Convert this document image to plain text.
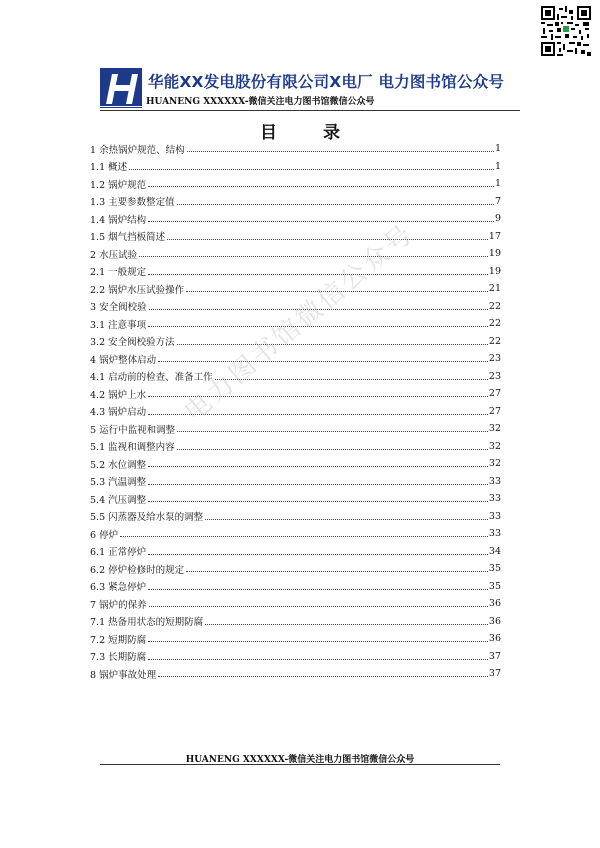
华能XX发电股份有限公司X电厂 电力图书馆公众号
HUANENG XXXXXX-微信关注电力图书馆微信公众号
目 录
1 余热锅炉规范、结构	1
1.1 概述	1
1.2 锅炉规范	1
1.3 主要参数整定值	7
1.4 锅炉结构	9
1.5 烟气挡板简述	17
2 水压试验	19
2.1 一般规定	19
2.2 锅炉水压试验操作	21
3 安全阀校验	22
3.1 注意事项	22
3.2 安全阀校验方法	22
4 锅炉整体启动	23
4.1 启动前的检查、准备工作	23
4.2 锅炉上水	27
4.3 锅炉启动	27
5 运行中监视和调整	32
5.1 监视和调整内容	32
5.2 水位调整	32
5.3 汽温调整	33
5.4 汽压调整	33
5.5 闪蒸器及给水泵的调整	33
6 停炉	33
6.1 正常停炉	34
6.2 停炉检修时的规定	35
6.3 紧急停炉	35
7 锅炉的保养	36
7.1 热备用状态的短期防腐	36
7.2 短期防腐	36
7.3 长期防腐	37
8 锅炉事故处理	37
电力图书馆微信公众号
HUANENG XXXXXX-微信关注电力图书馆微信公众号
